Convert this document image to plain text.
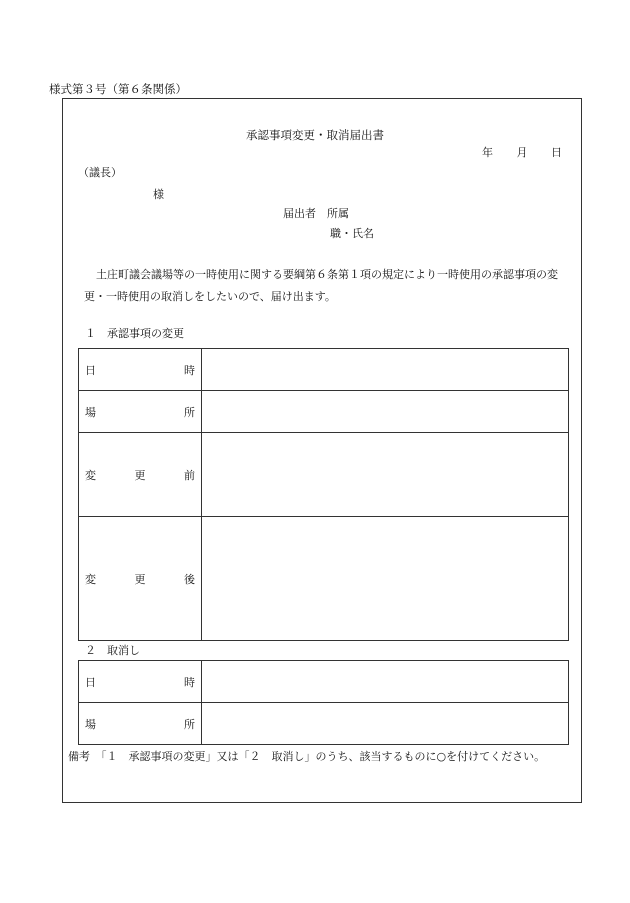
様式第３号（第６条関係）
承認事項変更・取消届出書
年 月 日
（議長）
様
届出者　所属
職・氏名
土庄町議会議場等の一時使用に関する要綱第６条第１項の規定により一時使用の承認事項の変更・一時使用の取消しをしたいので、届け出ます。
１　承認事項の変更
日 時	

場 所	

変 更 前	

変 更 後	

２　取消し
日 時	

場 所	

備考　「１　承認事項の変更」又は「２　取消し」のうち、該当するものに○を付けてください。
